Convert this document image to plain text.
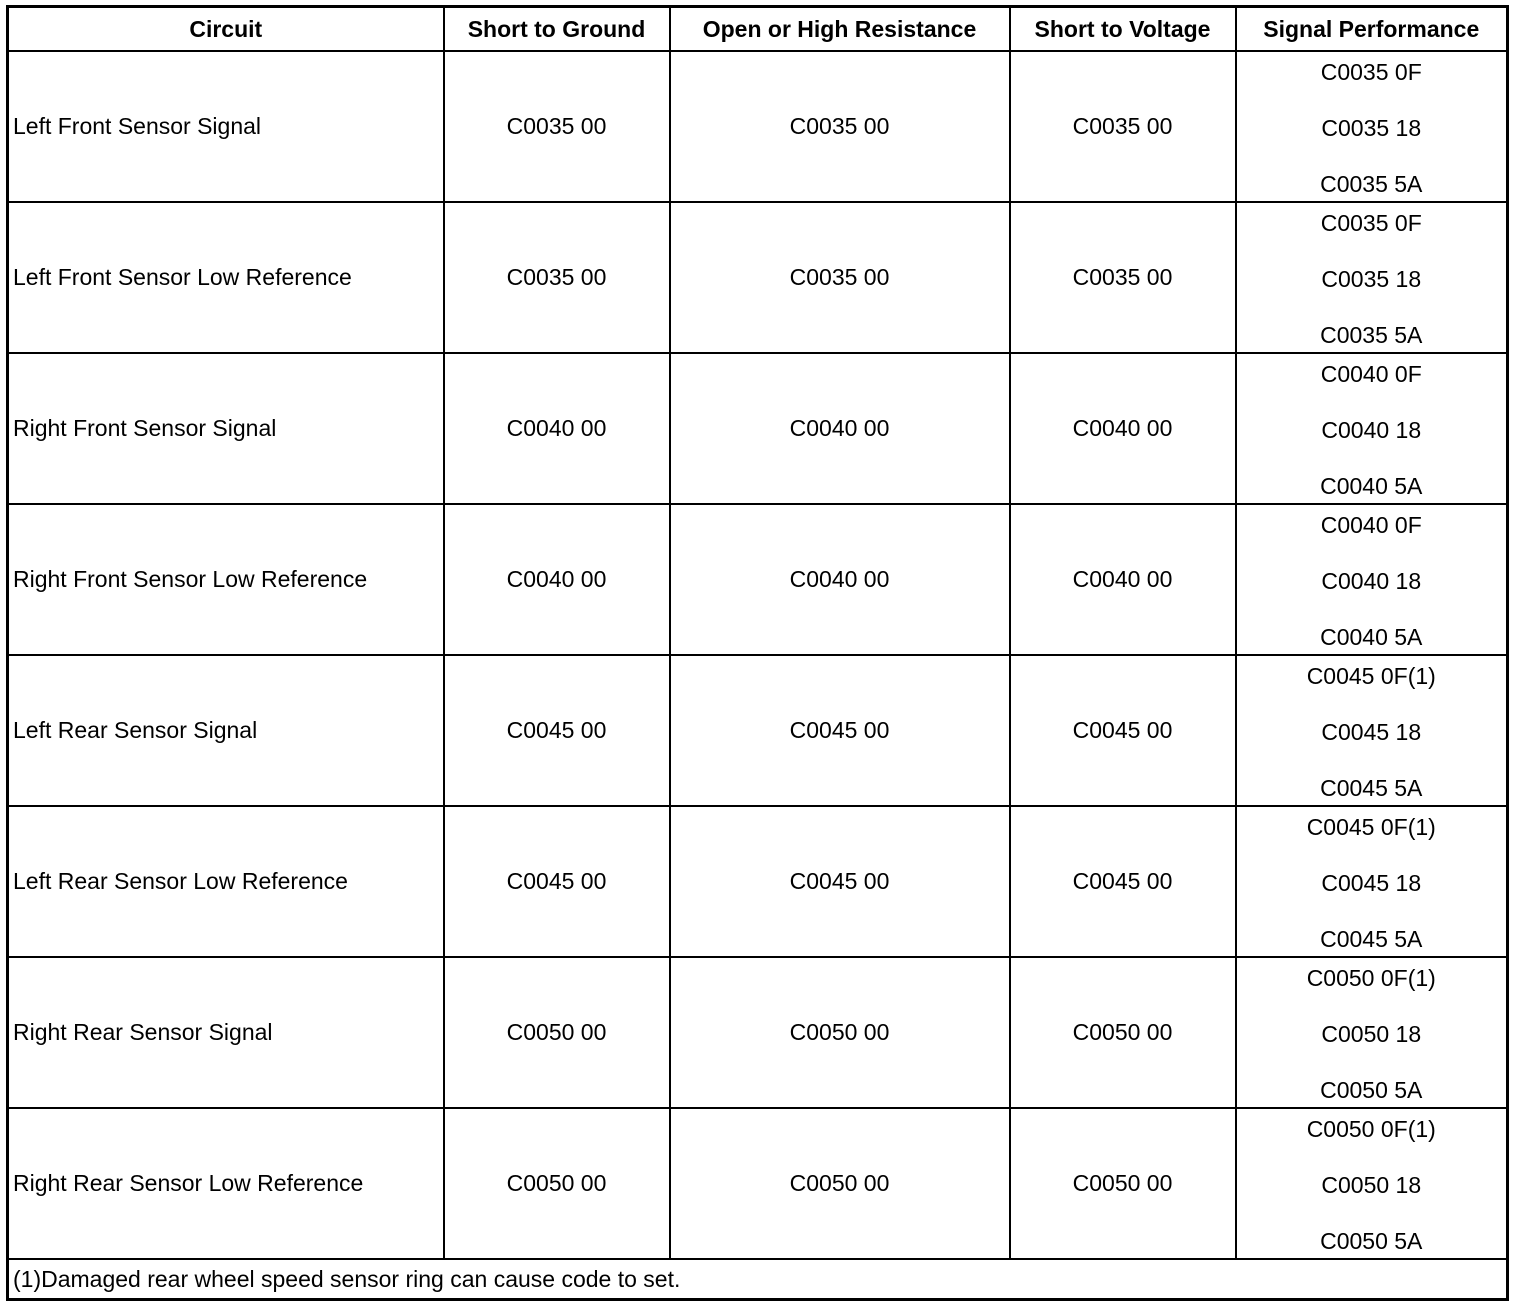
Circuit	Short to Ground	Open or High Resistance	Short to Voltage	Signal Performance
Left Front Sensor Signal	C0035 00	C0035 00	C0035 00	C0035 0F
C0035 18
C0035 5A

Left Front Sensor Low Reference	C0035 00	C0035 00	C0035 00	C0035 0F
C0035 18
C0035 5A

Right Front Sensor Signal	C0040 00	C0040 00	C0040 00	C0040 0F
C0040 18
C0040 5A

Right Front Sensor Low Reference	C0040 00	C0040 00	C0040 00	C0040 0F
C0040 18
C0040 5A

Left Rear Sensor Signal	C0045 00	C0045 00	C0045 00	C0045 0F(1)
C0045 18
C0045 5A

Left Rear Sensor Low Reference	C0045 00	C0045 00	C0045 00	C0045 0F(1)
C0045 18
C0045 5A

Right Rear Sensor Signal	C0050 00	C0050 00	C0050 00	C0050 0F(1)
C0050 18
C0050 5A

Right Rear Sensor Low Reference	C0050 00	C0050 00	C0050 00	C0050 0F(1)
C0050 18
C0050 5A

(1)Damaged rear wheel speed sensor ring can cause code to set.				
